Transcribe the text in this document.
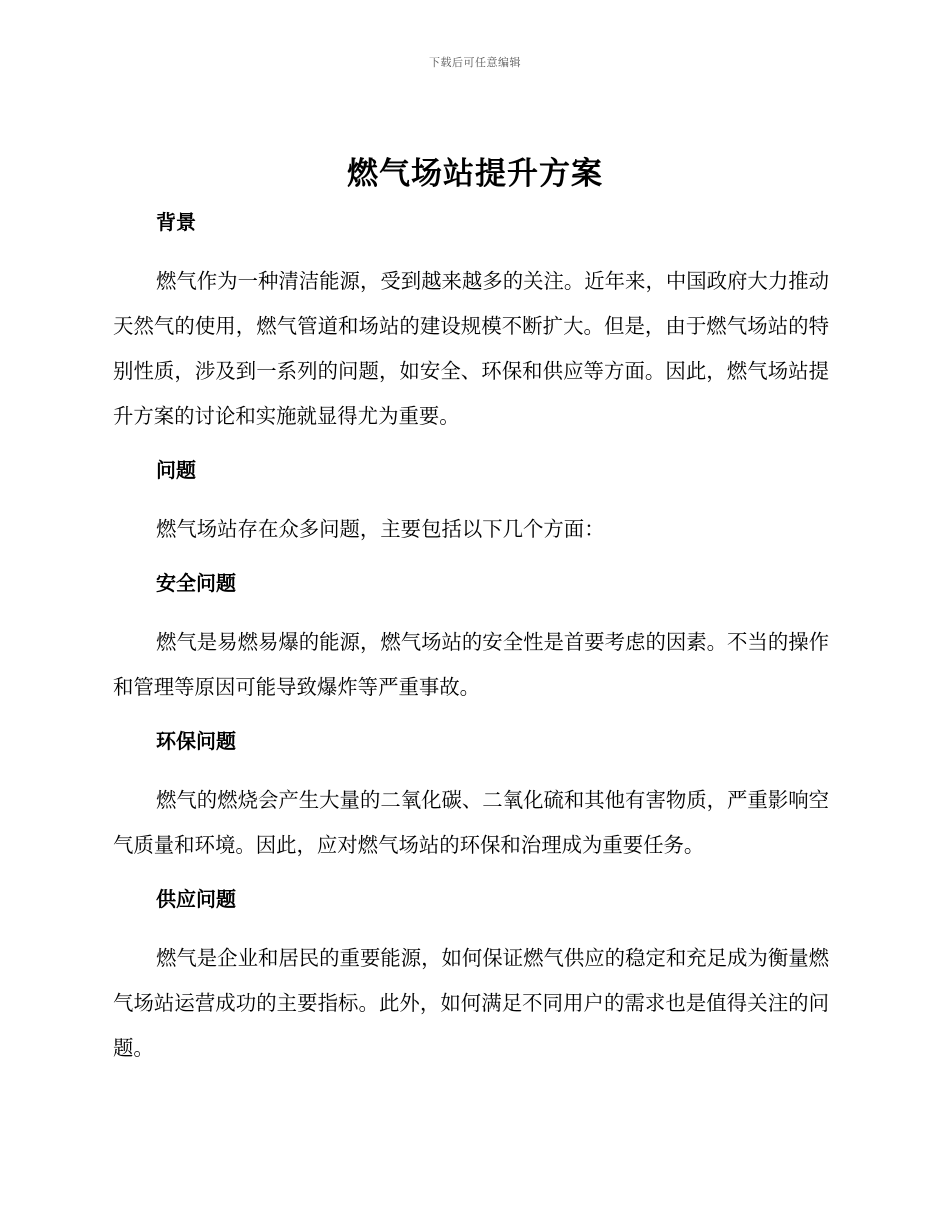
下载后可任意编辑
燃气场站提升方案

背景

燃气作为一种清洁能源，受到越来越多的关注。近年来，中国政府大力推动天然气的使用，燃气管道和场站的建设规模不断扩大。但是，由于燃气场站的特别性质，涉及到一系列的问题，如安全、环保和供应等方面。因此，燃气场站提升方案的讨论和实施就显得尤为重要。

问题

燃气场站存在众多问题，主要包括以下几个方面：

安全问题

燃气是易燃易爆的能源，燃气场站的安全性是首要考虑的因素。不当的操作和管理等原因可能导致爆炸等严重事故。

环保问题

燃气的燃烧会产生大量的二氧化碳、二氧化硫和其他有害物质，严重影响空气质量和环境。因此，应对燃气场站的环保和治理成为重要任务。

供应问题

燃气是企业和居民的重要能源，如何保证燃气供应的稳定和充足成为衡量燃气场站运营成功的主要指标。此外，如何满足不同用户的需求也是值得关注的问题。
